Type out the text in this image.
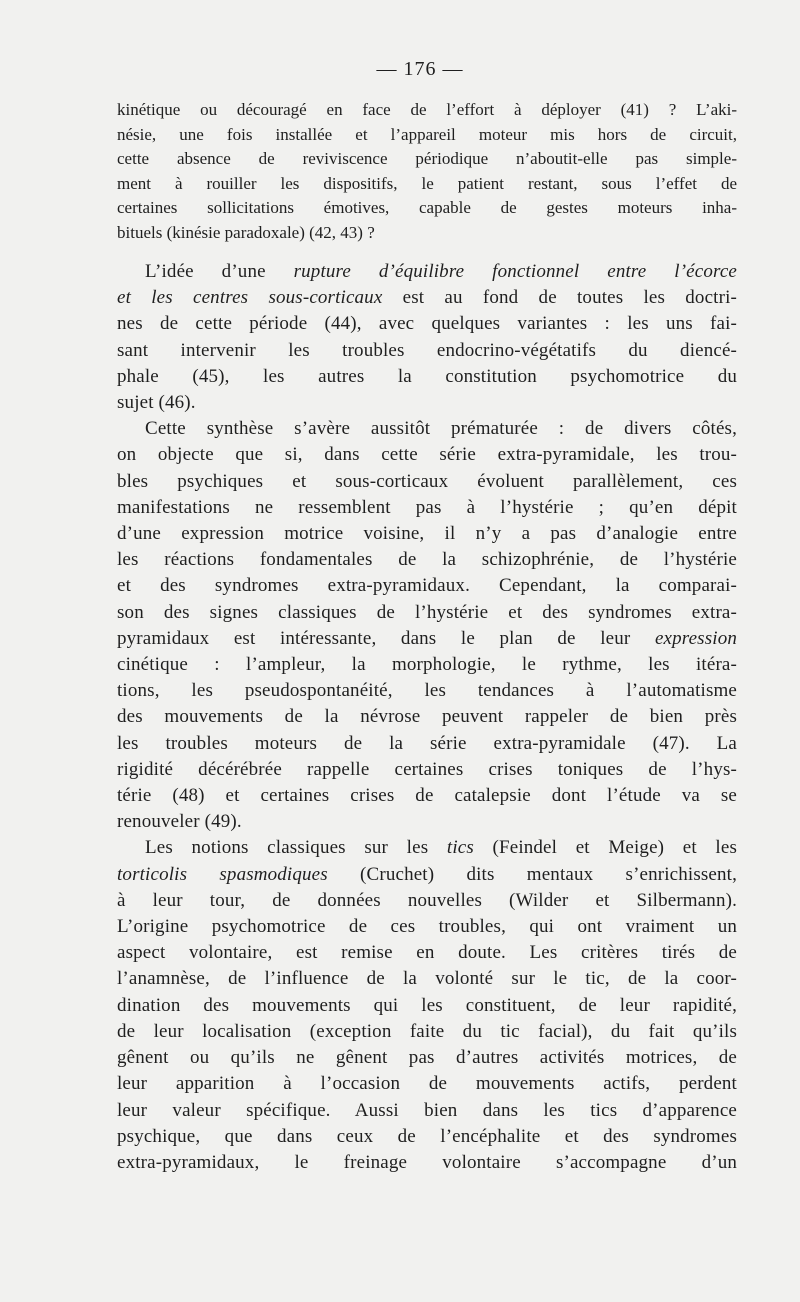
— 176 —

kinétique ou découragé en face de l’effort à déployer (41) ? L’aki-
nésie, une fois installée et l’appareil moteur mis hors de circuit,
cette absence de reviviscence périodique n’aboutit-elle pas simple-
ment à rouiller les dispositifs, le patient restant, sous l’effet de
certaines sollicitations émotives, capable de gestes moteurs inha-
bituels (kinésie paradoxale) (42, 43) ?

L’idée d’une rupture d’équilibre fonctionnel entre l’écorce
et les centres sous-corticaux est au fond de toutes les doctri-
nes de cette période (44), avec quelques variantes : les uns fai-
sant intervenir les troubles endocrino-végétatifs du diencé-
phale (45), les autres la constitution psychomotrice du
sujet (46).
Cette synthèse s’avère aussitôt prématurée : de divers côtés,
on objecte que si, dans cette série extra-pyramidale, les trou-
bles psychiques et sous-corticaux évoluent parallèlement, ces
manifestations ne ressemblent pas à l’hystérie ; qu’en dépit
d’une expression motrice voisine, il n’y a pas d’analogie entre
les réactions fondamentales de la schizophrénie, de l’hystérie
et des syndromes extra-pyramidaux. Cependant, la comparai-
son des signes classiques de l’hystérie et des syndromes extra-
pyramidaux est intéressante, dans le plan de leur expression
cinétique : l’ampleur, la morphologie, le rythme, les itéra-
tions, les pseudospontanéité, les tendances à l’automatisme
des mouvements de la névrose peuvent rappeler de bien près
les troubles moteurs de la série extra-pyramidale (47). La
rigidité décérébrée rappelle certaines crises toniques de l’hys-
térie (48) et certaines crises de catalepsie dont l’étude va se
renouveler (49).
Les notions classiques sur les tics (Feindel et Meige) et les
torticolis spasmodiques (Cruchet) dits mentaux s’enrichissent,
à leur tour, de données nouvelles (Wilder et Silbermann).
L’origine psychomotrice de ces troubles, qui ont vraiment un
aspect volontaire, est remise en doute. Les critères tirés de
l’anamnèse, de l’influence de la volonté sur le tic, de la coor-
dination des mouvements qui les constituent, de leur rapidité,
de leur localisation (exception faite du tic facial), du fait qu’ils
gênent ou qu’ils ne gênent pas d’autres activités motrices, de
leur apparition à l’occasion de mouvements actifs, perdent
leur valeur spécifique. Aussi bien dans les tics d’apparence
psychique, que dans ceux de l’encéphalite et des syndromes
extra-pyramidaux, le freinage volontaire s’accompagne d’un
